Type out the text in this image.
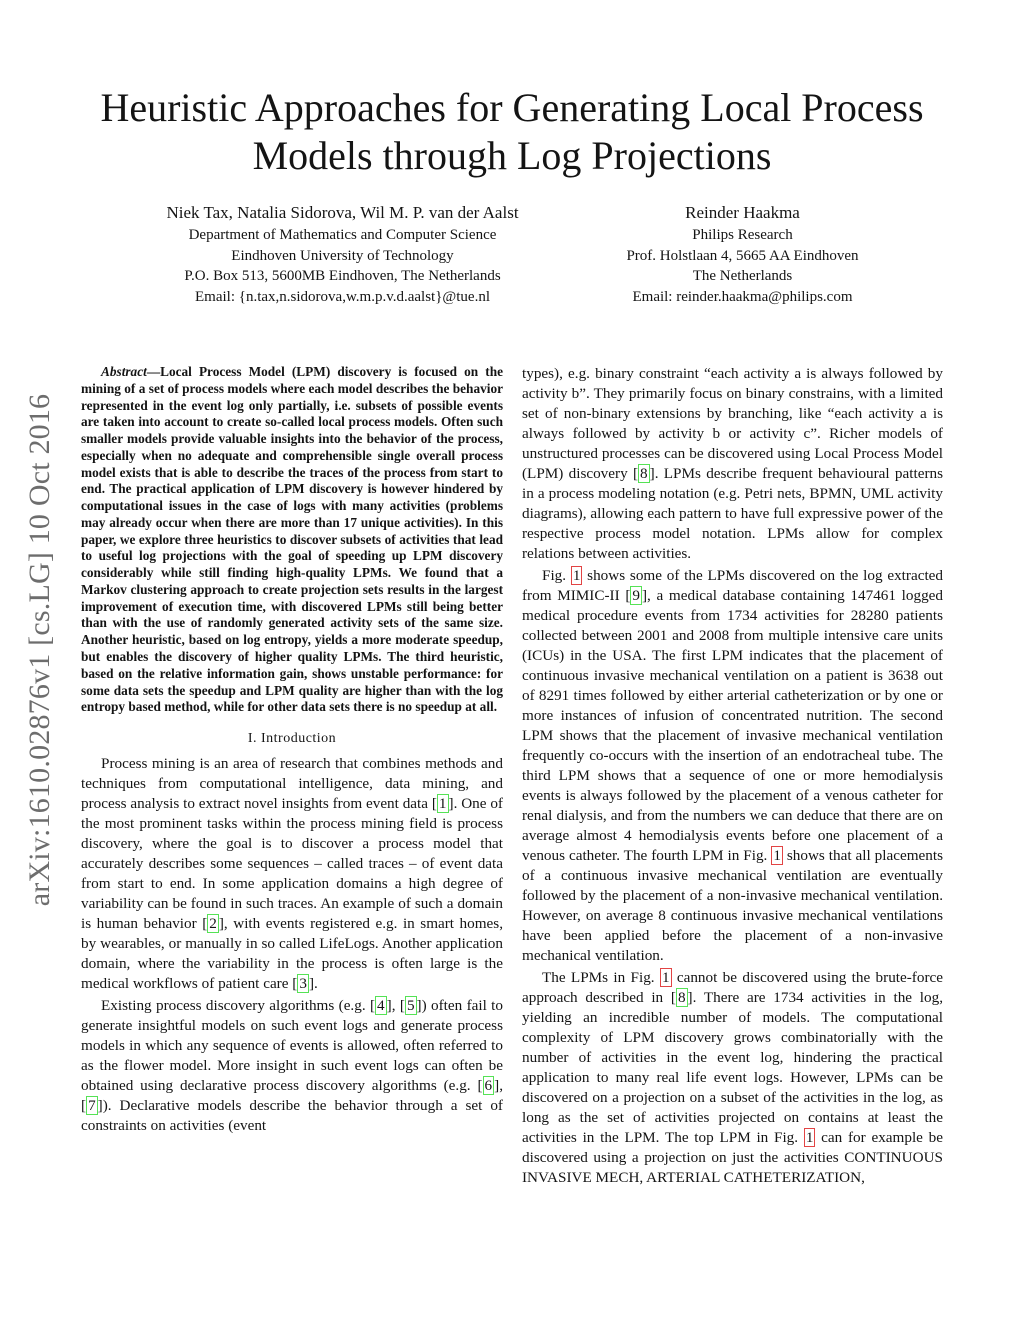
arXiv:1610.02876v1 [cs.LG] 10 Oct 2016
Heuristic Approaches for Generating Local Process
Models through Log Projections
Niek Tax, Natalia Sidorova, Wil M. P. van der Aalst
Department of Mathematics and Computer Science
Eindhoven University of Technology
P.O. Box 513, 5600MB Eindhoven, The Netherlands
Email: {n.tax,n.sidorova,w.m.p.v.d.aalst}@tue.nl
Reinder Haakma
Philips Research
Prof. Holstlaan 4, 5665 AA Eindhoven
The Netherlands
Email: reinder.haakma@philips.com

Abstract—Local Process Model (LPM) discovery is focused on the mining of a set of process models where each model describes the behavior represented in the event log only partially, i.e. subsets of possible events are taken into account to create so-called local process models. Often such smaller models provide valuable insights into the behavior of the process, especially when no adequate and comprehensible single overall process model exists that is able to describe the traces of the process from start to end. The practical application of LPM discovery is however hindered by computational issues in the case of logs with many activities (problems may already occur when there are more than 17 unique activities). In this paper, we explore three heuristics to discover subsets of activities that lead to useful log projections with the goal of speeding up LPM discovery considerably while still finding high-quality LPMs. We found that a Markov clustering approach to create projection sets results in the largest improvement of execution time, with discovered LPMs still being better than with the use of randomly generated activity sets of the same size. Another heuristic, based on log entropy, yields a more moderate speedup, but enables the discovery of higher quality LPMs. The third heuristic, based on the relative information gain, shows unstable performance: for some data sets the speedup and LPM quality are higher than with the log entropy based method, while for other data sets there is no speedup at all.

I. Introduction

Process mining is an area of research that combines methods and techniques from computational intelligence, data mining, and process analysis to extract novel insights from event data [ 1 ]. One of the most prominent tasks within the process mining field is process discovery, where the goal is to discover a process model that accurately describes some sequences – called traces – of event data from start to end. In some application domains a high degree of variability can be found in such traces. An example of such a domain is human behavior [ 2 ], with events registered e.g. in smart homes, by wearables, or manually in so called LifeLogs. Another application domain, where the variability in the process is often large is the medical workflows of patient care [ 3 ].

Existing process discovery algorithms (e.g. [ 4 ], [ 5 ]) often fail to generate insightful models on such event logs and generate process models in which any sequence of events is allowed, often referred to as the flower model. More insight in such event logs can often be obtained using declarative process discovery algorithms (e.g. [ 6 ], [ 7 ]). Declarative models describe the behavior through a set of constraints on activities (event

types), e.g. binary constraint “each activity a is always followed by activity b”. They primarily focus on binary constrains, with a limited set of non-binary extensions by branching, like “each activity a is always followed by activity b or activity c”. Richer models of unstructured processes can be discovered using Local Process Model (LPM) discovery [ 8 ]. LPMs describe frequent behavioural patterns in a process modeling notation (e.g. Petri nets, BPMN, UML activity diagrams), allowing each pattern to have full expressive power of the respective process model notation. LPMs allow for complex relations between activities.

Fig. 1 shows some of the LPMs discovered on the log extracted from MIMIC-II [ 9 ], a medical database containing 147461 logged medical procedure events from 1734 activities for 28280 patients collected between 2001 and 2008 from multiple intensive care units (ICUs) in the USA. The first LPM indicates that the placement of continuous invasive mechanical ventilation on a patient is 3638 out of 8291 times followed by either arterial catheterization or by one or more instances of infusion of concentrated nutrition. The second LPM shows that the placement of invasive mechanical ventilation frequently co-occurs with the insertion of an endotracheal tube. The third LPM shows that a sequence of one or more hemodialysis events is always followed by the placement of a venous catheter for renal dialysis, and from the numbers we can deduce that there are on average almost 4 hemodialysis events before one placement of a venous catheter. The fourth LPM in Fig. 1 shows that all placements of a continuous invasive mechanical ventilation are eventually followed by the placement of a non-invasive mechanical ventilation. However, on average 8 continuous invasive mechanical ventilations have been applied before the placement of a non-invasive mechanical ventilation.

The LPMs in Fig. 1 cannot be discovered using the brute-force approach described in [ 8 ]. There are 1734 activities in the log, yielding an incredible number of models. The computational complexity of LPM discovery grows combinatorially with the number of activities in the event log, hindering the practical application to many real life event logs. However, LPMs can be discovered on a projection on a subset of the activities in the log, as long as the set of activities projected on contains at least the activities in the LPM. The top LPM in Fig. 1 can for example be discovered using a projection on just the activities CONTINUOUS INVASIVE MECH, ARTERIAL CATHETERIZATION,
